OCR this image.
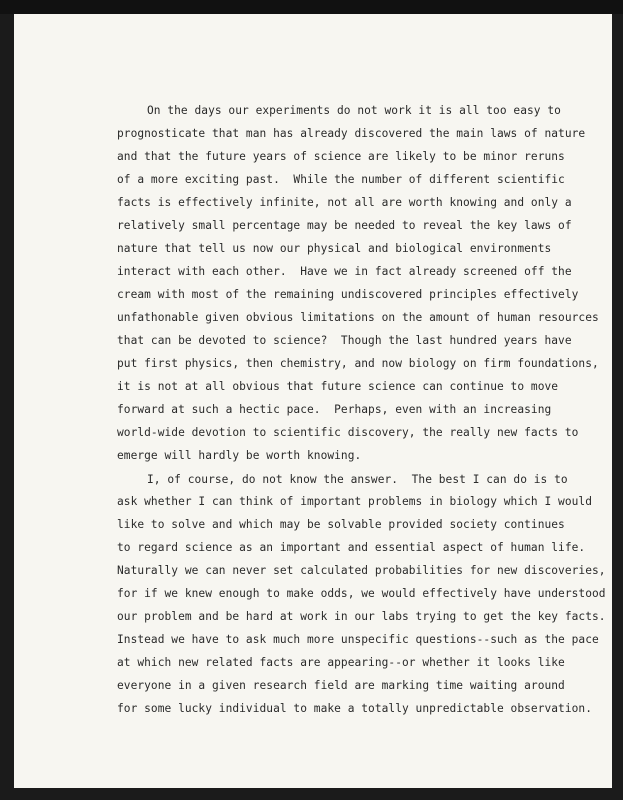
On the days our experiments do not work it is all too easy to
prognosticate that man has already discovered the main laws of nature
and that the future years of science are likely to be minor reruns
of a more exciting past.  While the number of different scientific
facts is effectively infinite, not all are worth knowing and only a
relatively small percentage may be needed to reveal the key laws of
nature that tell us now our physical and biological environments
interact with each other.  Have we in fact already screened off the
cream with most of the remaining undiscovered principles effectively
unfathonable given obvious limitations on the amount of human resources
that can be devoted to science?  Though the last hundred years have
put first physics, then chemistry, and now biology on firm foundations,
it is not at all obvious that future science can continue to move
forward at such a hectic pace.  Perhaps, even with an increasing
world-wide devotion to scientific discovery, the really new facts to
emerge will hardly be worth knowing.
I, of course, do not know the answer.  The best I can do is to
ask whether I can think of important problems in biology which I would
like to solve and which may be solvable provided society continues
to regard science as an important and essential aspect of human life.
Naturally we can never set calculated probabilities for new discoveries,
for if we knew enough to make odds, we would effectively have understood
our problem and be hard at work in our labs trying to get the key facts.
Instead we have to ask much more unspecific questions--such as the pace
at which new related facts are appearing--or whether it looks like
everyone in a given research field are marking time waiting around
for some lucky individual to make a totally unpredictable observation.
